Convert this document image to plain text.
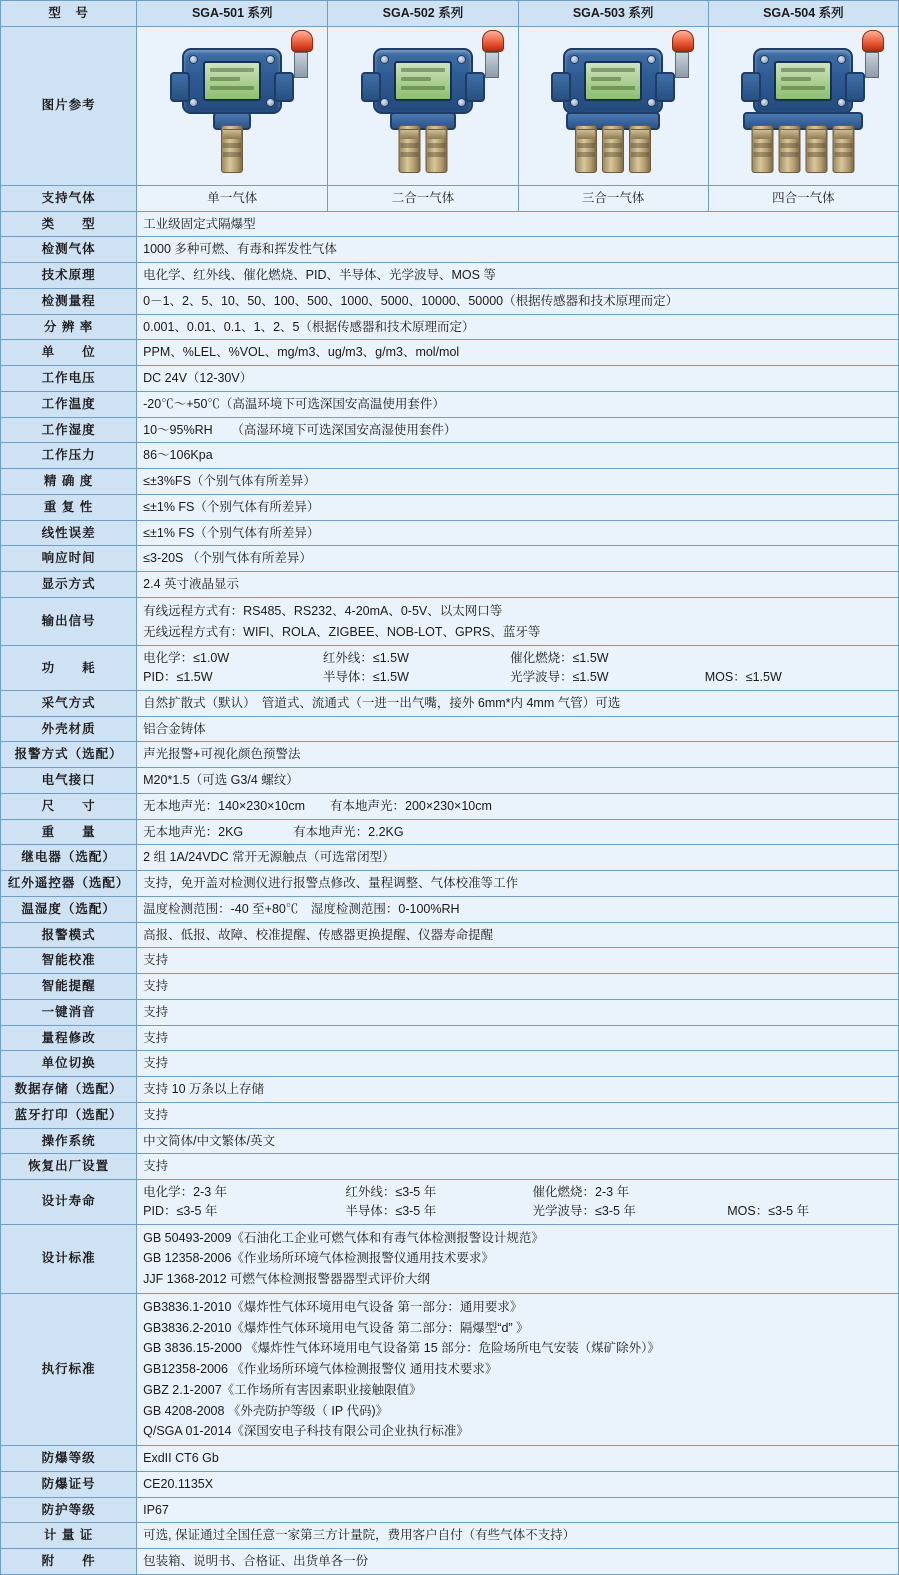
型　号	SGA-501 系列	SGA-502 系列	SGA-503 系列	SGA-504 系列
图片参考	

支持气体	单一气体	二合一气体	三合一气体	四合一气体
类　　型	工业级固定式隔爆型			
检测气体	1000 多种可燃、有毒和挥发性气体			
技术原理	电化学、红外线、催化燃烧、PID、半导体、光学波导、MOS 等			
检测量程	0－1、2、5、10、50、100、500、1000、5000、10000、50000（根据传感器和技术原理而定）			
分 辨 率	0.001、0.01、0.1、1、2、5（根据传感器和技术原理而定）			
单　　位	PPM、%LEL、%VOL、mg/m3、ug/m3、g/m3、mol/mol			
工作电压	DC 24V（12-30V）			
工作温度	-20℃～+50℃（高温环境下可选深国安高温使用套件）			
工作湿度	10～95%RH　　（高湿环境下可选深国安高湿使用套件）			
工作压力	86～106Kpa			
精 确 度	≤±3%FS（个别气体有所差异）			
重 复 性	≤±1% FS（个别气体有所差异）			
线性误差	≤±1% FS（个别气体有所差异）			
响应时间	≤3-20S （个别气体有所差异）			
显示方式	2.4 英寸液晶显示			
输出信号	有线远程方式有：RS485、RS232、4-20mA、0-5V、以太网口等
无线远程方式有：WIFI、ROLA、ZIGBEE、NOB-LOT、GPRS、蓝牙等			

功　　耗	
电化学：≤1.0W	红外线：≤1.5W	催化燃烧：≤1.5W
PID：≤1.5W	半导体：≤1.5W	光学波导：≤1.5W	MOS：≤1.5W

采气方式	自然扩散式（默认）　管道式、流通式（一进一出气嘴，接外 6mm*内 4mm 气管）可选			
外壳材质	铝合金铸体			
报警方式（选配）	声光报警+可视化颜色预警法			
电气接口	M20*1.5（可选 G3/4 螺纹）			
尺　　寸	无本地声光：140×230×10cm　　有本地声光：200×230×10cm			
重　　量	无本地声光：2KG　　　　有本地声光：2.2KG			
继电器（选配）	2 组 1A/24VDC 常开无源触点（可选常闭型）			
红外遥控器（选配）	支持，免开盖对检测仪进行报警点修改、量程调整、气体校准等工作			
温湿度（选配）	温度检测范围：-40 至+80℃　湿度检测范围：0-100%RH			
报警模式	高报、低报、故障、校准提醒、传感器更换提醒、仪器寿命提醒			
智能校准	支持			
智能提醒	支持			
一键消音	支持			
量程修改	支持			
单位切换	支持			
数据存储（选配）	支持 10 万条以上存储			
蓝牙打印（选配）	支持			
操作系统	中文简体/中文繁体/英文			
恢复出厂设置	支持			
设计寿命	
电化学：2-3 年	红外线：≤3-5 年	催化燃烧：2-3 年
PID：≤3-5 年	半导体：≤3-5 年	光学波导：≤3-5 年	MOS：≤3-5 年

设计标准	GB 50493-2009《石油化工企业可燃气体和有毒气体检测报警设计规范》
GB 12358-2006《作业场所环境气体检测报警仪通用技术要求》
JJF 1368-2012 可燃气体检测报警器器型式评价大纲			

执行标准	
GB3836.1-2010《爆炸性气体环境用电气设备 第一部分：通用要求》
GB3836.2-2010《爆炸性气体环境用电气设备 第二部分：隔爆型“d” 》
GB 3836.15-2000 《爆炸性气体环境用电气设备第 15 部分：危险场所电气安装（煤矿除外）》
GB12358-2006 《作业场所环境气体检测报警仪 通用技术要求》
GBZ 2.1-2007《工作场所有害因素职业接触限值》
GB 4208-2008 《外壳防护等级（ IP 代码)》
Q/SGA 01-2014《深国安电子科技有限公司企业执行标准》

防爆等级	ExdII CT6 Gb			
防爆证号	CE20.1135X			
防护等级	IP67			
计 量 证	可选, 保证通过全国任意一家第三方计量院，费用客户自付（有些气体不支持）			
附　　件	包装箱、说明书、合格证、出货单各一份			
